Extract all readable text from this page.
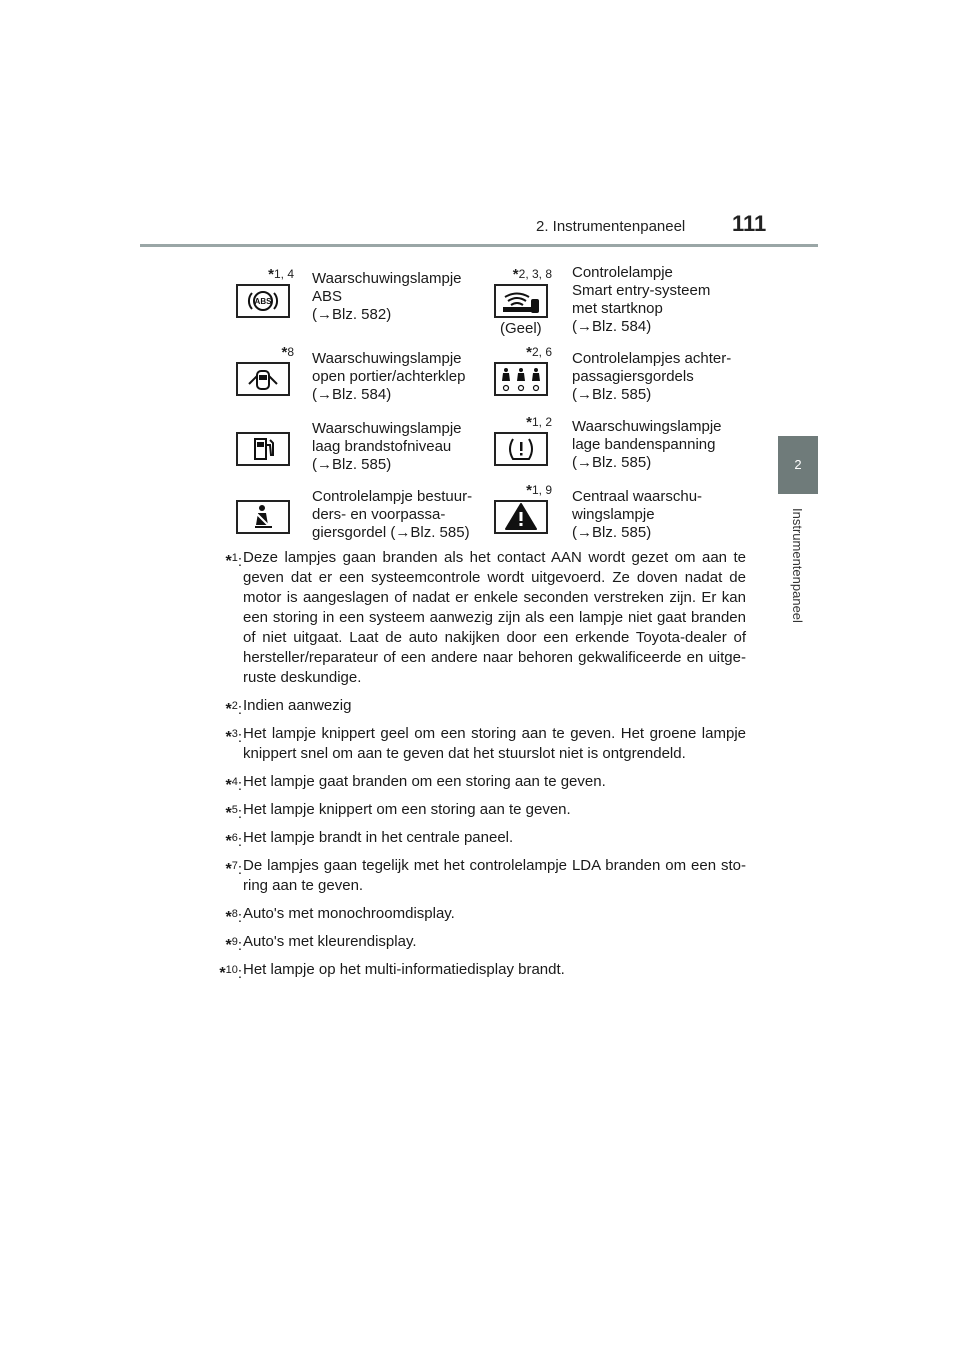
2. Instrumentenpaneel 111
2
Instrumentenpaneel
*1, 4
ABS
Waarschuwingslampje
ABS
(→Blz. 582)
*8 Waarschuwingslampje
open portier/achterklep
(→Blz. 584)
Waarschuwingslampje
laag brandstofniveau
(→Blz. 585)
Controlelampje bestuur-
ders- en voorpassa-
giersgordel (→Blz. 585)
*2, 3, 8
(Geel)
Controlelampje
Smart entry-systeem
met startknop
(→Blz. 584)
*2, 6 Controlelampjes achter-
passagiersgordels
(→Blz. 585)
*1, 2 Waarschuwingslampje
lage bandenspanning
(→Blz. 585)
*1, 9 Centraal waarschu-
wingslampje
(→Blz. 585)
*$^1$: Deze lampjes gaan branden als het contact AAN wordt gezet om aan te geven dat er een systeemcontrole wordt uitgevoerd. Ze doven nadat de motor is aangeslagen of nadat er enkele seconden verstreken zijn. Er kan een storing in een systeem aanwezig zijn als een lampje niet gaat branden of niet uitgaat. Laat de auto nakijken door een erkende Toyota-dealer of hersteller/reparateur of een andere naar behoren gekwalificeerde en uitge-ruste deskundige.
*$^2$: Indien aanwezig
*$^3$: Het lampje knippert geel om een storing aan te geven. Het groene lampje knippert snel om aan te geven dat het stuurslot niet is ontgrendeld.
*$^4$: Het lampje gaat branden om een storing aan te geven.
*$^5$: Het lampje knippert om een storing aan te geven.
*$^6$: Het lampje brandt in het centrale paneel.
*$^7$: De lampjes gaan tegelijk met het controlelampje LDA branden om een sto-ring aan te geven.
*$^8$: Auto's met monochroomdisplay.
*$^9$: Auto's met kleurendisplay.
*$^{10}$: Het lampje op het multi-informatiedisplay brandt.
